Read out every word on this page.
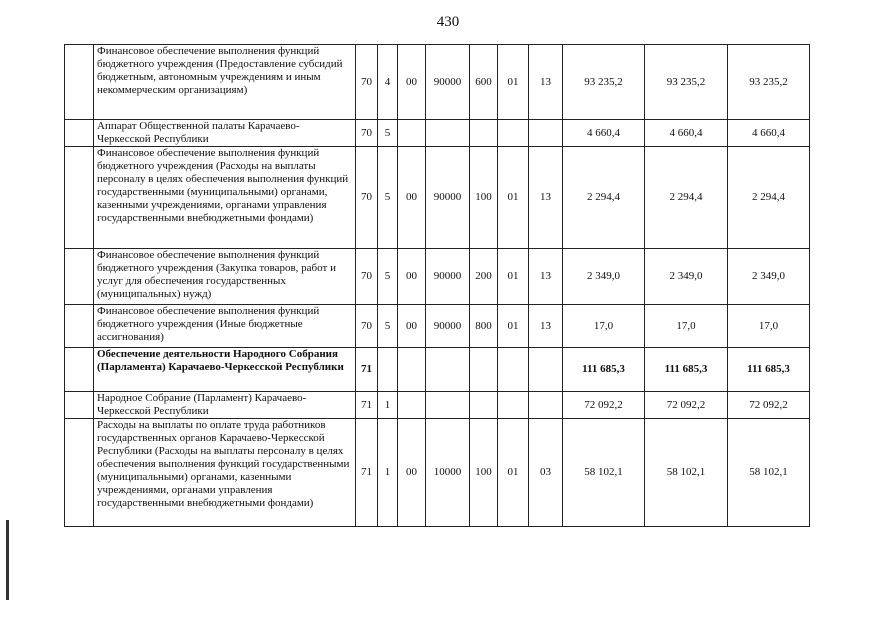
430
	Финансовое обеспечение выполнения функций бюджетного учреждения (Предоставление субсидий бюджетным, автономным учреждениям и иным некоммерческим организациям)	70	4	00	90000	600	01	13	93 235,2	93 235,2	93 235,2
	Аппарат Общественной палаты Карачаево-Черкесской Республики	70	5						4 660,4	4 660,4	4 660,4
	Финансовое обеспечение выполнения функций бюджетного учреждения (Расходы на выплаты персоналу в целях обеспечения выполнения функций государственными (муниципальными) органами, казенными учреждениями, органами управления государственными внебюджетными фондами)	70	5	00	90000	100	01	13	2 294,4	2 294,4	2 294,4
	Финансовое обеспечение выполнения функций бюджетного учреждения (Закупка товаров, работ и услуг для обеспечения государственных (муниципальных) нужд)	70	5	00	90000	200	01	13	2 349,0	2 349,0	2 349,0
	Финансовое обеспечение выполнения функций бюджетного учреждения (Иные бюджетные ассигнования)	70	5	00	90000	800	01	13	17,0	17,0	17,0
	Обеспечение деятельности Народного Собрания (Парламента) Карачаево-Черкесской Республики	71							111 685,3	111 685,3	111 685,3
	Народное Собрание (Парламент) Карачаево-Черкесской Республики	71	1						72 092,2	72 092,2	72 092,2
	Расходы на выплаты по оплате труда работников государственных органов Карачаево-Черкесской Республики (Расходы на выплаты персоналу в целях обеспечения выполнения функций государственными (муниципальными) органами, казенными учреждениями, органами управления государственными внебюджетными фондами)	71	1	00	10000	100	01	03	58 102,1	58 102,1	58 102,1
